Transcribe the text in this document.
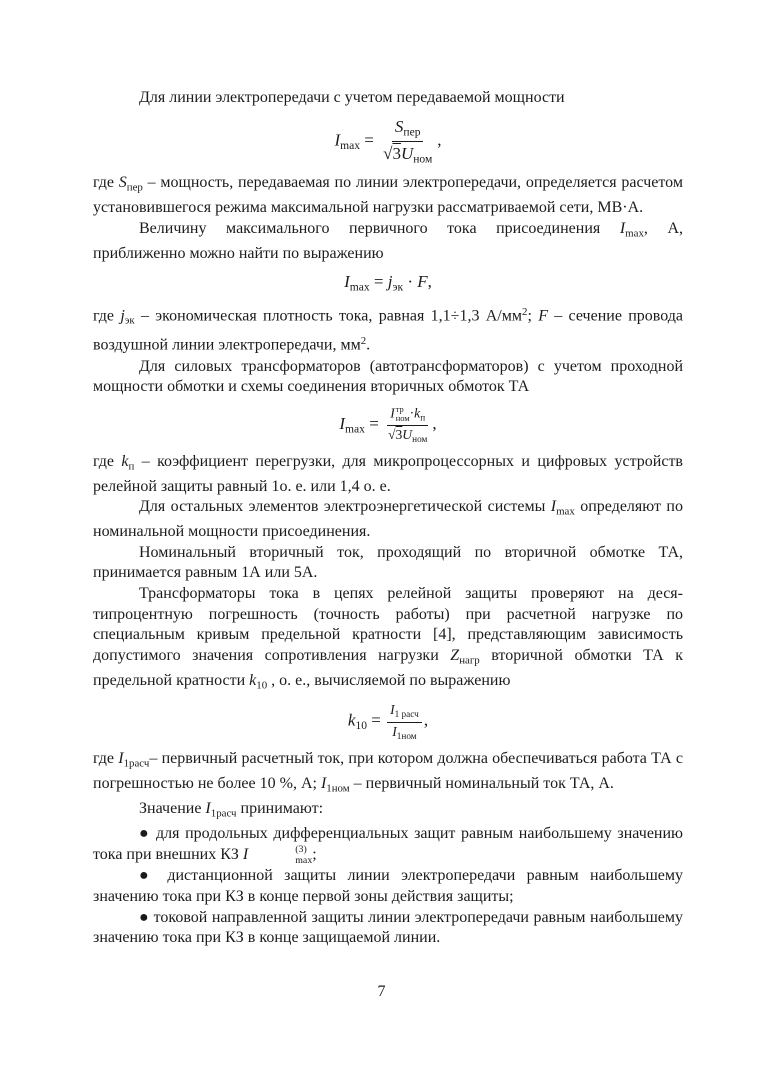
Для линии электропередачи с учетом передаваемой мощности

$I_{max} = \frac{S_{пер}}{√3U_{ном}}$ ,

где $S_{пер}$ – мощность, передаваемая по линии электропередачи, определяется расчетом установившегося режима максимальной нагрузки рассматриваемой сети, МВ·А.

Величину максимального первичного тока присоединения $I_{max}$, А, приближенно можно найти по выражению

$I_{max} = j_{эк} \cdot F$,

где $j_{эк}$ – экономическая плотность тока, равная 1,1÷1,3 $А/мм^2$; F – сечение провода воздушной линии электропередачи, $мм^2$.

Для силовых трансформаторов (автотрансформаторов) с учетом проходной мощности обмотки и схемы соединения вторичных обмоток ТА

$I_{max} = I$ тр
ном $\cdot k_п$
$√3U_{ном}$ ,

где $k_п$ – коэффициент перегрузки, для микропроцессорных и цифровых устройств релейной защиты равный 1о. е. или 1,4 о. е.

Для остальных элементов электроэнергетической системы $I_{max}$ определяют по номинальной мощности присоединения.

Номинальный вторичный ток, проходящий по вторичной обмотке ТА, принимается равным 1А или 5А.

Трансформаторы тока в цепях релейной защиты проверяют на десятипроцентную погрешность (точность работы) при расчетной нагрузке по специальным кривым предельной кратности [4], представляющим зависимость допустимого значения сопротивления нагрузки $Z_{нагр}$ вторичной обмотки ТА к предельной кратности $k_{10}$ , о. е., вычисляемой по выражению

$k_{10} = \frac{I_{1 расч}}{I_{1ном}}$ ,

где $I_{1расч}-$ первичный расчетный ток, при котором должна обеспечиваться работа ТА с погрешностью не более 10 %, А; $I_{1ном}$ – первичный номинальный ток ТА, А.

Значение $I_{1расч}$ принимают:

● для продольных дифференциальных защит равным наибольшему значению тока при внешних КЗ I	(3)
max ;

● дистанционной защиты линии электропередачи равным наибольшему значению тока при КЗ в конце первой зоны действия защиты;

● токовой направленной защиты линии электропередачи равным наибольшему значению тока при КЗ в конце защищаемой линии.

7
